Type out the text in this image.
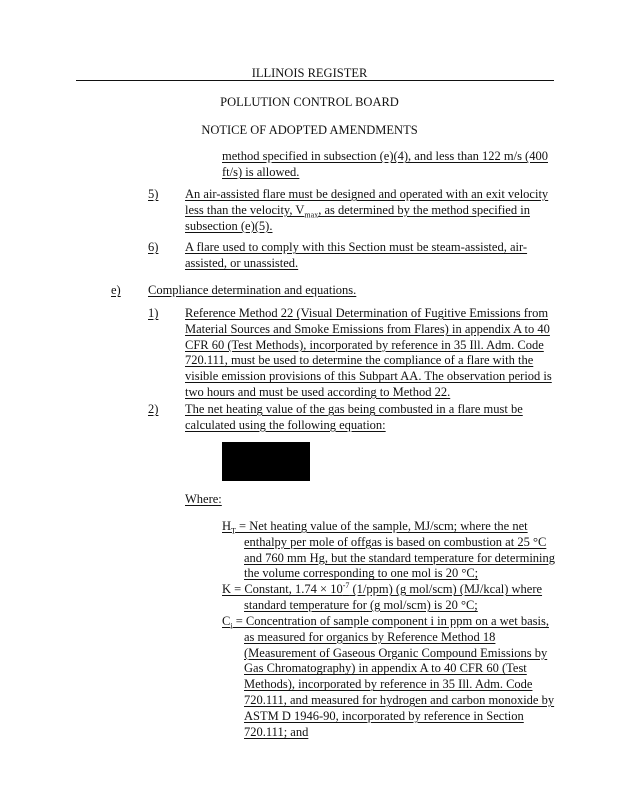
ILLINOIS REGISTER
POLLUTION CONTROL BOARD
NOTICE OF ADOPTED AMENDMENTS

method specified in subsection (e)(4), and less than 122 m/s (400

ft/s) is allowed.

5) An air-assisted flare must be designed and operated with an exit velocity

less than the velocity, $V_{max}$, as determined by the method specified in

subsection (e)(5).

6) A flare used to comply with this Section must be steam-assisted, air-

assisted, or unassisted.

e) Compliance determination and equations.
1) Reference Method 22 (Visual Determination of Fugitive Emissions from

Material Sources and Smoke Emissions from Flares) in appendix A to 40

CFR 60 (Test Methods), incorporated by reference in 35 Ill. Adm. Code

720.111, must be used to determine the compliance of a flare with the

visible emission provisions of this Subpart AA. The observation period is

two hours and must be used according to Method 22.

2) The net heating value of the gas being combusted in a flare must be

calculated using the following equation:

Where:

$H_T$ = Net heating value of the sample, MJ/scm; where the net

enthalpy per mole of offgas is based on combustion at 25 °C

and 760 mm Hg, but the standard temperature for determining

the volume corresponding to one mol is 20 °C;

K = Constant, $1.74 \times 10^{-7}$ (1/ppm) (g mol/scm) (MJ/kcal) where

standard temperature for (g mol/scm) is 20 °C;

$C_i$ = Concentration of sample component i in ppm on a wet basis,

as measured for organics by Reference Method 18

(Measurement of Gaseous Organic Compound Emissions by

Gas Chromatography) in appendix A to 40 CFR 60 (Test

Methods), incorporated by reference in 35 Ill. Adm. Code

720.111, and measured for hydrogen and carbon monoxide by

ASTM D 1946-90, incorporated by reference in Section

720.111; and
